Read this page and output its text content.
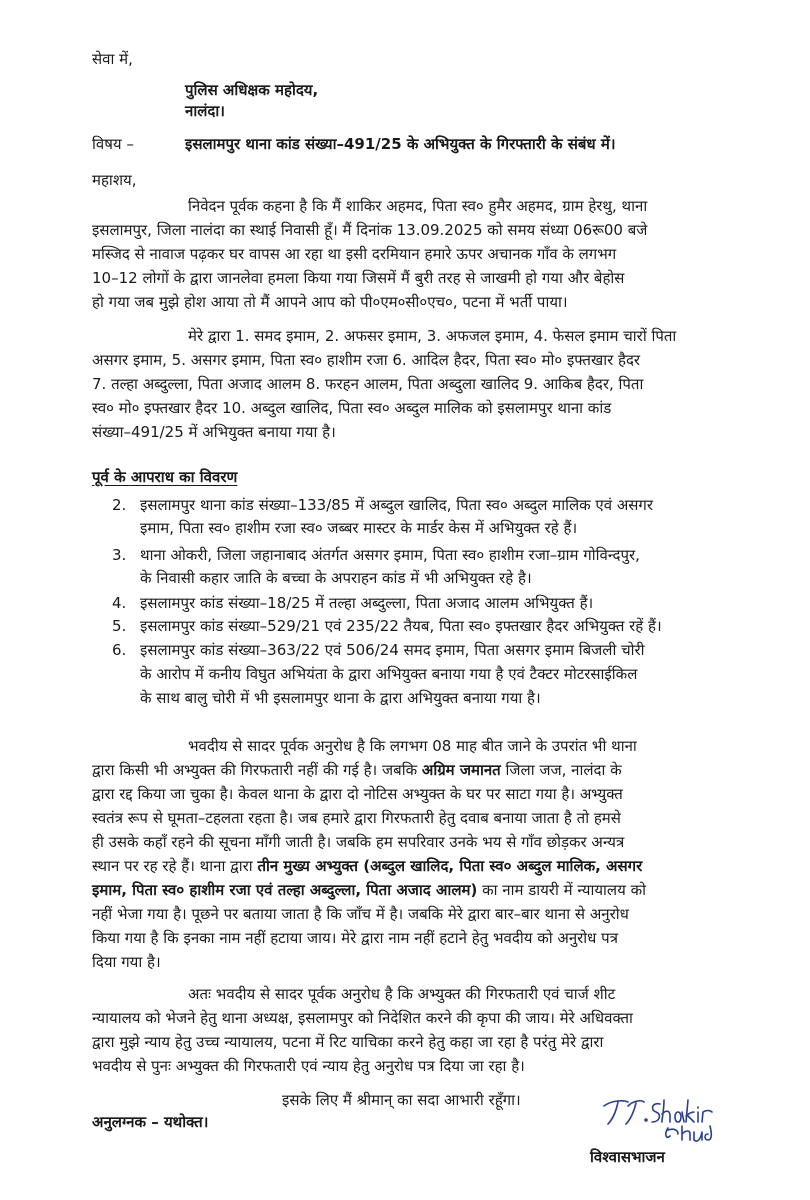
सेवा में,
पुलिस अधिक्षक महोदय,
नालंदा।
विषय –	इसलामपुर थाना कांड संख्या–491/25 के अभियुक्त के गिरफ्तारी के संबंध में।
महाशय,
निवेदन पूर्वक कहना है कि मैं शाकिर अहमद, पिता स्व० हुमैर अहमद, ग्राम हेरथु, थाना
इसलामपुर, जिला नालंदा का स्थाई निवासी हूँ। मैं दिनांक 13.09.2025 को समय संध्या 06रू00 बजे
मस्जिद से नावाज पढ़कर घर वापस आ रहा था इसी दरमियान हमारे ऊपर अचानक गाँव के लगभग
10–12 लोगों के द्वारा जानलेवा हमला किया गया जिसमें मैं बुरी तरह से जाखमी हो गया और बेहोस
हो गया जब मुझे होश आया तो मैं आपने आप को पी०एम०सी०एच०, पटना में भर्ती पाया।
मेरे द्वारा 1. समद इमाम, 2. अफसर इमाम, 3. अफजल इमाम, 4. फेसल इमाम चारों पिता
असगर इमाम, 5. असगर इमाम, पिता स्व० हाशीम रजा 6. आदिल हैदर, पिता स्व० मो० इफ्तखार हैदर
7. तल्हा अब्दुल्ला, पिता अजाद आलम 8. फरहन आलम, पिता अब्दुला खालिद 9. आकिब हैदर, पिता
स्व० मो० इफ्तखार हैदर 10. अब्दुल खालिद, पिता स्व० अब्दुल मालिक को इसलामपुर थाना कांड
संख्या–491/25 में अभियुक्त बनाया गया है।
पूर्व के आपराध का विवरण
2. इसलामपुर थाना कांड संख्या–133/85 में अब्दुल खालिद, पिता स्व० अब्दुल मालिक एवं असगर
इमाम, पिता स्व० हाशीम रजा स्व० जब्बर मास्टर के मार्डर केस में अभियुक्त रहे हैं।
3. थाना ओकरी, जिला जहानाबाद अंतर्गत असगर इमाम, पिता स्व० हाशीम रजा–ग्राम गोविन्दपुर,
के निवासी कहार जाति के बच्चा के अपराहन कांड में भी अभियुक्त रहे है।
4. इसलामपुर कांड संख्या–18/25 में तल्हा अब्दुल्ला, पिता अजाद आलम अभियुक्त हैं।
5. इसलामपुर कांड संख्या–529/21 एवं 235/22 तैयब, पिता स्व० इफ्तखार हैदर अभियुक्त रहें हैं।
6. इसलामपुर कांड संख्या–363/22 एवं 506/24 समद इमाम, पिता असगर इमाम बिजली चोरी
के आरोप में कनीय विघुत अभियंता के द्वारा अभियुक्त बनाया गया है एवं टैक्टर मोटरसाईकिल
के साथ बालु चोरी में भी इसलामपुर थाना के द्वारा अभियुक्त बनाया गया है।
भवदीय से सादर पूर्वक अनुरोध है कि लगभग 08 माह बीत जाने के उपरांत भी थाना
द्वारा किसी भी अभ्युक्त की गिरफतारी नहीं की गई है। जबकि अग्रिम जमानत जिला जज, नालंदा के
द्वारा रद्द किया जा चुका है। केवल थाना के द्वारा दो नोटिस अभ्युक्त के घर पर साटा गया है। अभ्युक्त
स्वतंत्र रूप से घूमता–टहलता रहता है। जब हमारे द्वारा गिरफतारी हेतु दवाब बनाया जाता है तो हमसे
ही उसके कहाँ रहने की सूचना माँगी जाती है। जबकि हम सपरिवार उनके भय से गाँव छोड़कर अन्यत्र
स्थान पर रह रहे हैं। थाना द्वारा तीन मुख्य अभ्युक्त (अब्दुल खालिद, पिता स्व० अब्दुल मालिक, असगर
इमाम, पिता स्व० हाशीम रजा एवं तल्हा अब्दुल्ला, पिता अजाद आलम) का नाम डायरी में न्यायालय को
नहीं भेजा गया है। पूछने पर बताया जाता है कि जाँच में है। जबकि मेरे द्वारा बार–बार थाना से अनुरोध
किया गया है कि इनका नाम नहीं हटाया जाय। मेरे द्वारा नाम नहीं हटाने हेतु भवदीय को अनुरोध पत्र
दिया गया है।
अतः भवदीय से सादर पूर्वक अनुरोध है कि अभ्युक्त की गिरफतारी एवं चार्ज शीट
न्यायालय को भेजने हेतु थाना अध्यक्ष, इसलामपुर को निदेशित करने की कृपा की जाय। मेरे अधिवक्ता
द्वारा मुझे न्याय हेतु उच्च न्यायालय, पटना में रिट याचिका करने हेतु कहा जा रहा है परंतु मेरे द्वारा
भवदीय से पुनः अभ्युक्त की गिरफतारी एवं न्याय हेतु अनुरोध पत्र दिया जा रहा है।
इसके लिए मैं श्रीमान् का सदा आभारी रहूँगा।
अनुलग्नक – यथोक्त।
विश्वासभाजन
